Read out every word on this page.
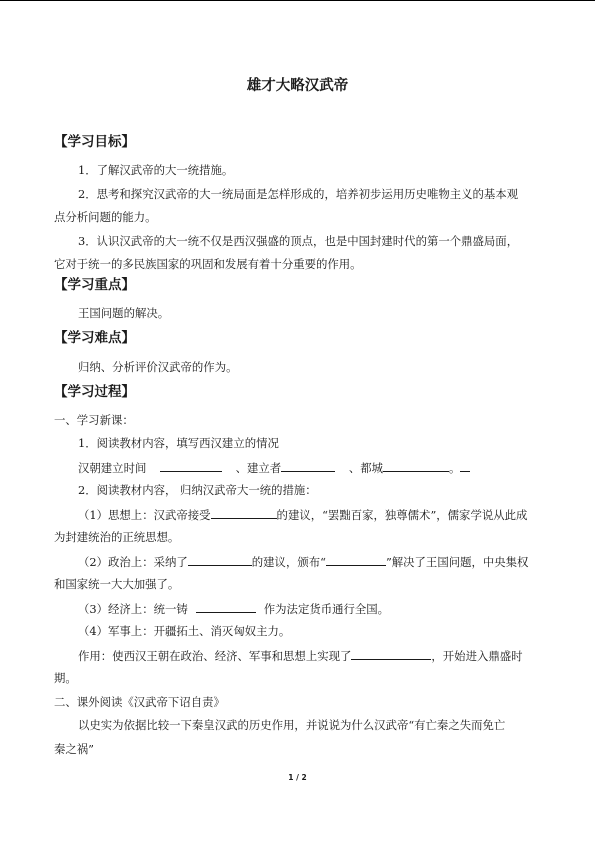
雄才大略汉武帝
【学习目标】
1．了解汉武帝的大一统措施。
2．思考和探究汉武帝的大一统局面是怎样形成的，培养初步运用历史唯物主义的基本观
点分析问题的能力。
3．认识汉武帝的大一统不仅是西汉强盛的顶点，也是中国封建时代的第一个鼎盛局面，
它对于统一的多民族国家的巩固和发展有着十分重要的作用。
【学习重点】
王国问题的解决。
【学习难点】
归纳、分析评价汉武帝的作为。
【学习过程】
一、学习新课：
1．阅读教材内容，填写西汉建立的情况
汉朝建立时间	、建立者	、都城	。
2．阅读教材内容， 归纳汉武帝大一统的措施：
（1）思想上：汉武帝接受	的建议，“罢黜百家，独尊儒术”，儒家学说从此成
为封建统治的正统思想。
（2）政治上：采纳了	的建议，颁布“	”解决了王国问题，中央集权
和国家统一大大加强了。
（3）经济上：统一铸	作为法定货币通行全国。
（4）军事上：开疆拓土、消灭匈奴主力。
作用：使西汉王朝在政治、经济、军事和思想上实现了	，开始进入鼎盛时
期。
二、课外阅读《汉武帝下诏自责》
以史实为依据比较一下秦皇汉武的历史作用，并说说为什么汉武帝“有亡秦之失而免亡
秦之祸”
1 / 2
